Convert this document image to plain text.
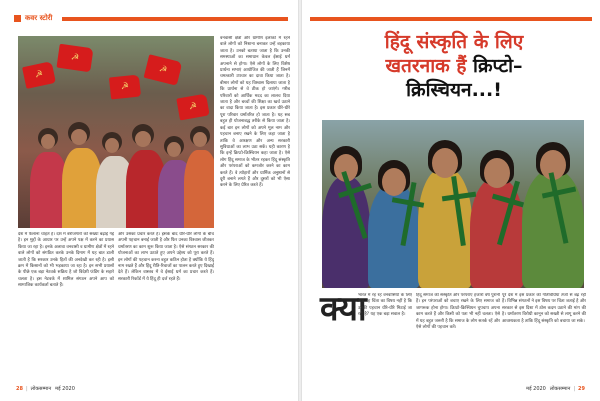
कवर स्टोरी
☭
☭
☭
☭
☭
देश में फैलाना चाहते हैं। देश में बेरोजगारों को संख्या बढ़ाई गई है। इन मुद्दों के आधार पर उन्हें अपने पक्ष में करने का प्रयास किया जा रहा है। इनके अलावा वनवासी व ग्रामीण क्षेत्रों में रहने वाले लोगों को संगठित करके उनके दिमाग में यह बात डाली जाती है कि सरकार उनके हितों की अनदेखी कर रही है। इसी क्रम में किसानों को भी भड़काया जा रहा है। इन सभी प्रयासों के पीछे एक बड़ा नेटवर्क सक्रिय है जो विदेशी फंडिंग के सहारे चलता है। इस नेटवर्क में शामिल संगठन अपने आप को सामाजिक कार्यकर्ता बताते हैं।
और उसका प्रचार करते हैं। इसके बाद धीरे-धीरे लोगों के बीच अपनी पहचान बनाई जाती है और फिर उनका विश्वास जीतकर धर्मांतरण का काम शुरू किया जाता है। ऐसे संगठन सरकार की योजनाओं का लाभ उठाते हुए अपने उद्देश्य को पूरा करते हैं। इन लोगों की पहचान करना बहुत कठिन होता है क्योंकि ये हिंदू नाम रखते हैं और हिंदू रीति-रिवाजों का पालन करते हुए दिखाई देते हैं। लेकिन वास्तव में वे ईसाई धर्म का प्रचार करते हैं। सरकारी रिकॉर्ड में ये हिंदू ही दर्ज रहते हैं।
वनवासी क्षेत्रों और ग्रामीण इलाकों में रहने वाले लोगों को निशाना बनाकर उन्हें बहकाया जाता है। उनको बताया जाता है कि उनकी समस्याओं का समाधान केवल ईसाई धर्म अपनाने से होगा। ऐसे लोगों के लिए विशेष प्रार्थना सभाएं आयोजित की जाती हैं जिनमें चमत्कारी उपचार का दावा किया जाता है। बीमार लोगों को यह विश्वास दिलाया जाता है कि प्रार्थना से वे ठीक हो जाएंगे। गरीब परिवारों को आर्थिक मदद का लालच दिया जाता है और बच्चों की शिक्षा का खर्च उठाने का वादा किया जाता है। इस प्रकार धीरे-धीरे पूरा परिवार धर्मांतरित हो जाता है। यह सब बहुत ही योजनाबद्ध तरीके से किया जाता है। कई बार इन लोगों को अपने मूल नाम और पहचान बनाए रखने के लिए कहा जाता है ताकि वे आरक्षण और अन्य सरकारी सुविधाओं का लाभ उठा सकें। यही कारण है कि इन्हें क्रिप्टो-क्रिस्चियन कहा जाता है। ऐसे लोग हिंदू समाज के भीतर रहकर हिंदू संस्कृति और परंपराओं को कमजोर करने का काम करते हैं। वे त्योहारों और धार्मिक अनुष्ठानों से दूरी बनाने लगते हैं और दूसरों को भी ऐसा करने के लिए प्रेरित करते हैं।
28 | लोकसम्मान मई 2020
हिंदू संस्कृति के लिए
खतरनाक हैं क्रिप्टो–
क्रिस्चियन...!
क्या
भारत में रह रहे वनवासियों के लिए क्या यह चिंता का विषय नहीं है कि उनकी पहचान धीरे-धीरे मिटाई जा रही है? यह एक बड़ा सवाल है।
हिंदू समाज की संस्कृति और परंपराएं हजारों वर्ष पुरानी हैं। इन परंपराओं को बचाए रखने के लिए समाज को जागरूक होना होगा। क्रिप्टो-क्रिस्चियन चुपचाप अपना काम करते हैं और किसी को पता भी नहीं चलता। ऐसे में यह बहुत जरूरी है कि समाज के लोग सतर्क रहें और ऐसे लोगों की पहचान करें।
पूरे देश में इस प्रकार की गतिविधियां तेजी से बढ़ रही हैं। विभिन्न संगठनों ने इस विषय पर चिंता जताई है और सरकार से इस दिशा में ठोस कदम उठाने की मांग की है। धर्मांतरण विरोधी कानून को सख्ती से लागू करने की आवश्यकता है ताकि हिंदू संस्कृति को बचाया जा सके।
मई 2020 लोकसम्मान | 29
